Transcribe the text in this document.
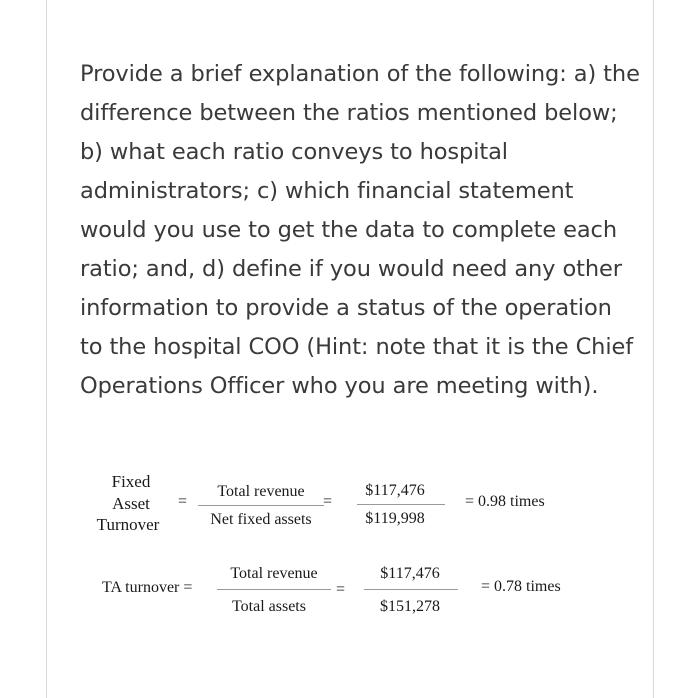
Provide a brief explanation of the following: a) the difference between the ratios mentioned below; b) what each ratio conveys to hospital administrators; c) which financial statement would you use to get the data to complete each ratio; and, d) define if you would need any other information to provide a status of the operation to the hospital COO (Hint: note that it is the Chief Operations Officer who you are meeting with).

Fixed
Asset
Turnover
=
Total revenue
Net fixed assets
=
$117,476
$119,998
= 0.98 times
TA turnover =
Total revenue
Total assets
=
$117,476
$151,278
= 0.78 times
